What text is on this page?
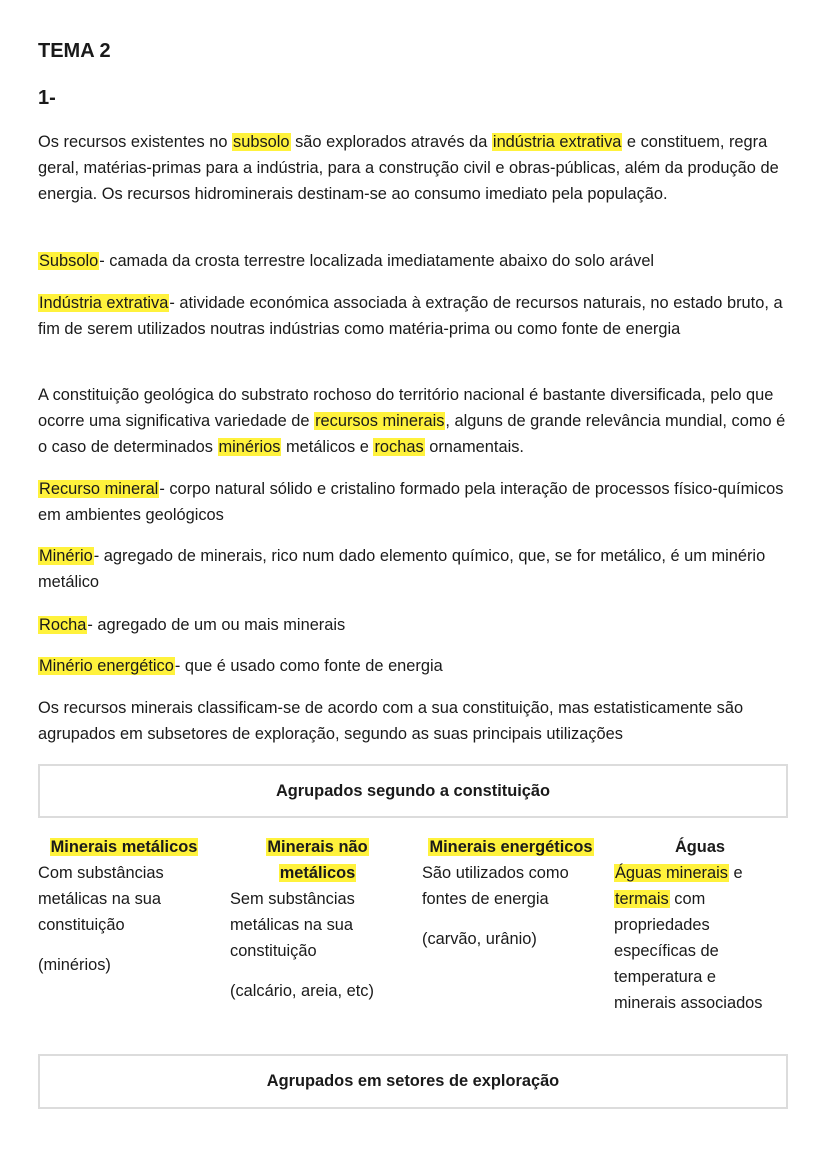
TEMA 2
1-

Os recursos existentes no subsolo são explorados através da indústria extrativa e constituem, regra geral, matérias-primas para a indústria, para a construção civil e obras-públicas, além da produção de energia. Os recursos hidrominerais destinam-se ao consumo imediato pela população.

Subsolo- camada da crosta terrestre localizada imediatamente abaixo do solo arável

Indústria extrativa- atividade económica associada à extração de recursos naturais, no estado bruto, a fim de serem utilizados noutras indústrias como matéria-prima ou como fonte de energia

A constituição geológica do substrato rochoso do território nacional é bastante diversificada, pelo que ocorre uma significativa variedade de recursos minerais, alguns de grande relevância mundial, como é o caso de determinados minérios metálicos e rochas ornamentais.

Recurso mineral- corpo natural sólido e cristalino formado pela interação de processos físico-químicos em ambientes geológicos

Minério- agregado de minerais, rico num dado elemento químico, que, se for metálico, é um minério metálico

Rocha- agregado de um ou mais minerais

Minério energético- que é usado como fonte de energia

Os recursos minerais classificam-se de acordo com a sua constituição, mas estatisticamente são agrupados em subsetores de exploração, segundo as suas principais utilizações

Agrupados segundo a constituição
Minerais metálicos
Com substâncias
metálicas na sua
constituição
(minérios)
Minerais não
metálicos
Sem substâncias
metálicas na sua
constituição
(calcário, areia, etc)
Minerais energéticos
São utilizados como
fontes de energia
(carvão, urânio)
Águas
Águas minerais e
termais com
propriedades
específicas de
temperatura e
minerais associados
Agrupados em setores de exploração
